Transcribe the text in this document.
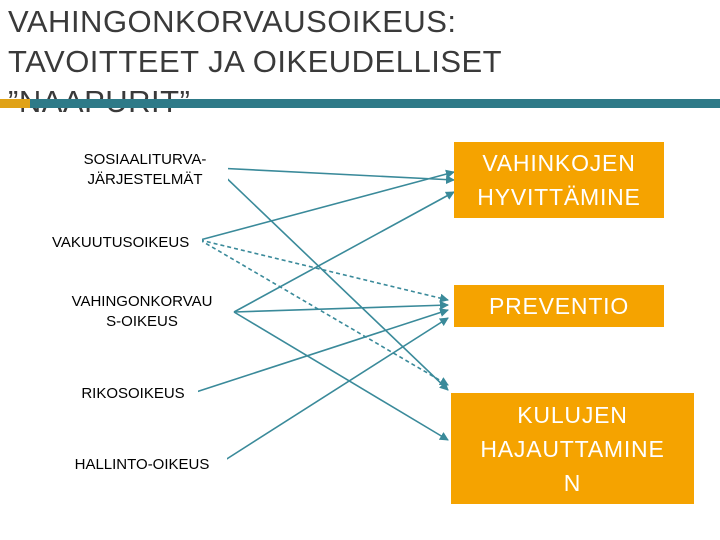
VAHINGONKORVAUSOIKEUS:
TAVOITTEET JA OIKEUDELLISET

SOSIAALITURVA-
JÄRJESTELMÄT
VAKUUTUSOIKEUS
VAHINGONKORVAU
S-OIKEUS
RIKOSOIKEUS
HALLINTO-OIKEUS
VAHINKOJEN
HYVITTÄMINE
PREVENTIO
KULUJEN
HAJAUTTAMINE
N
